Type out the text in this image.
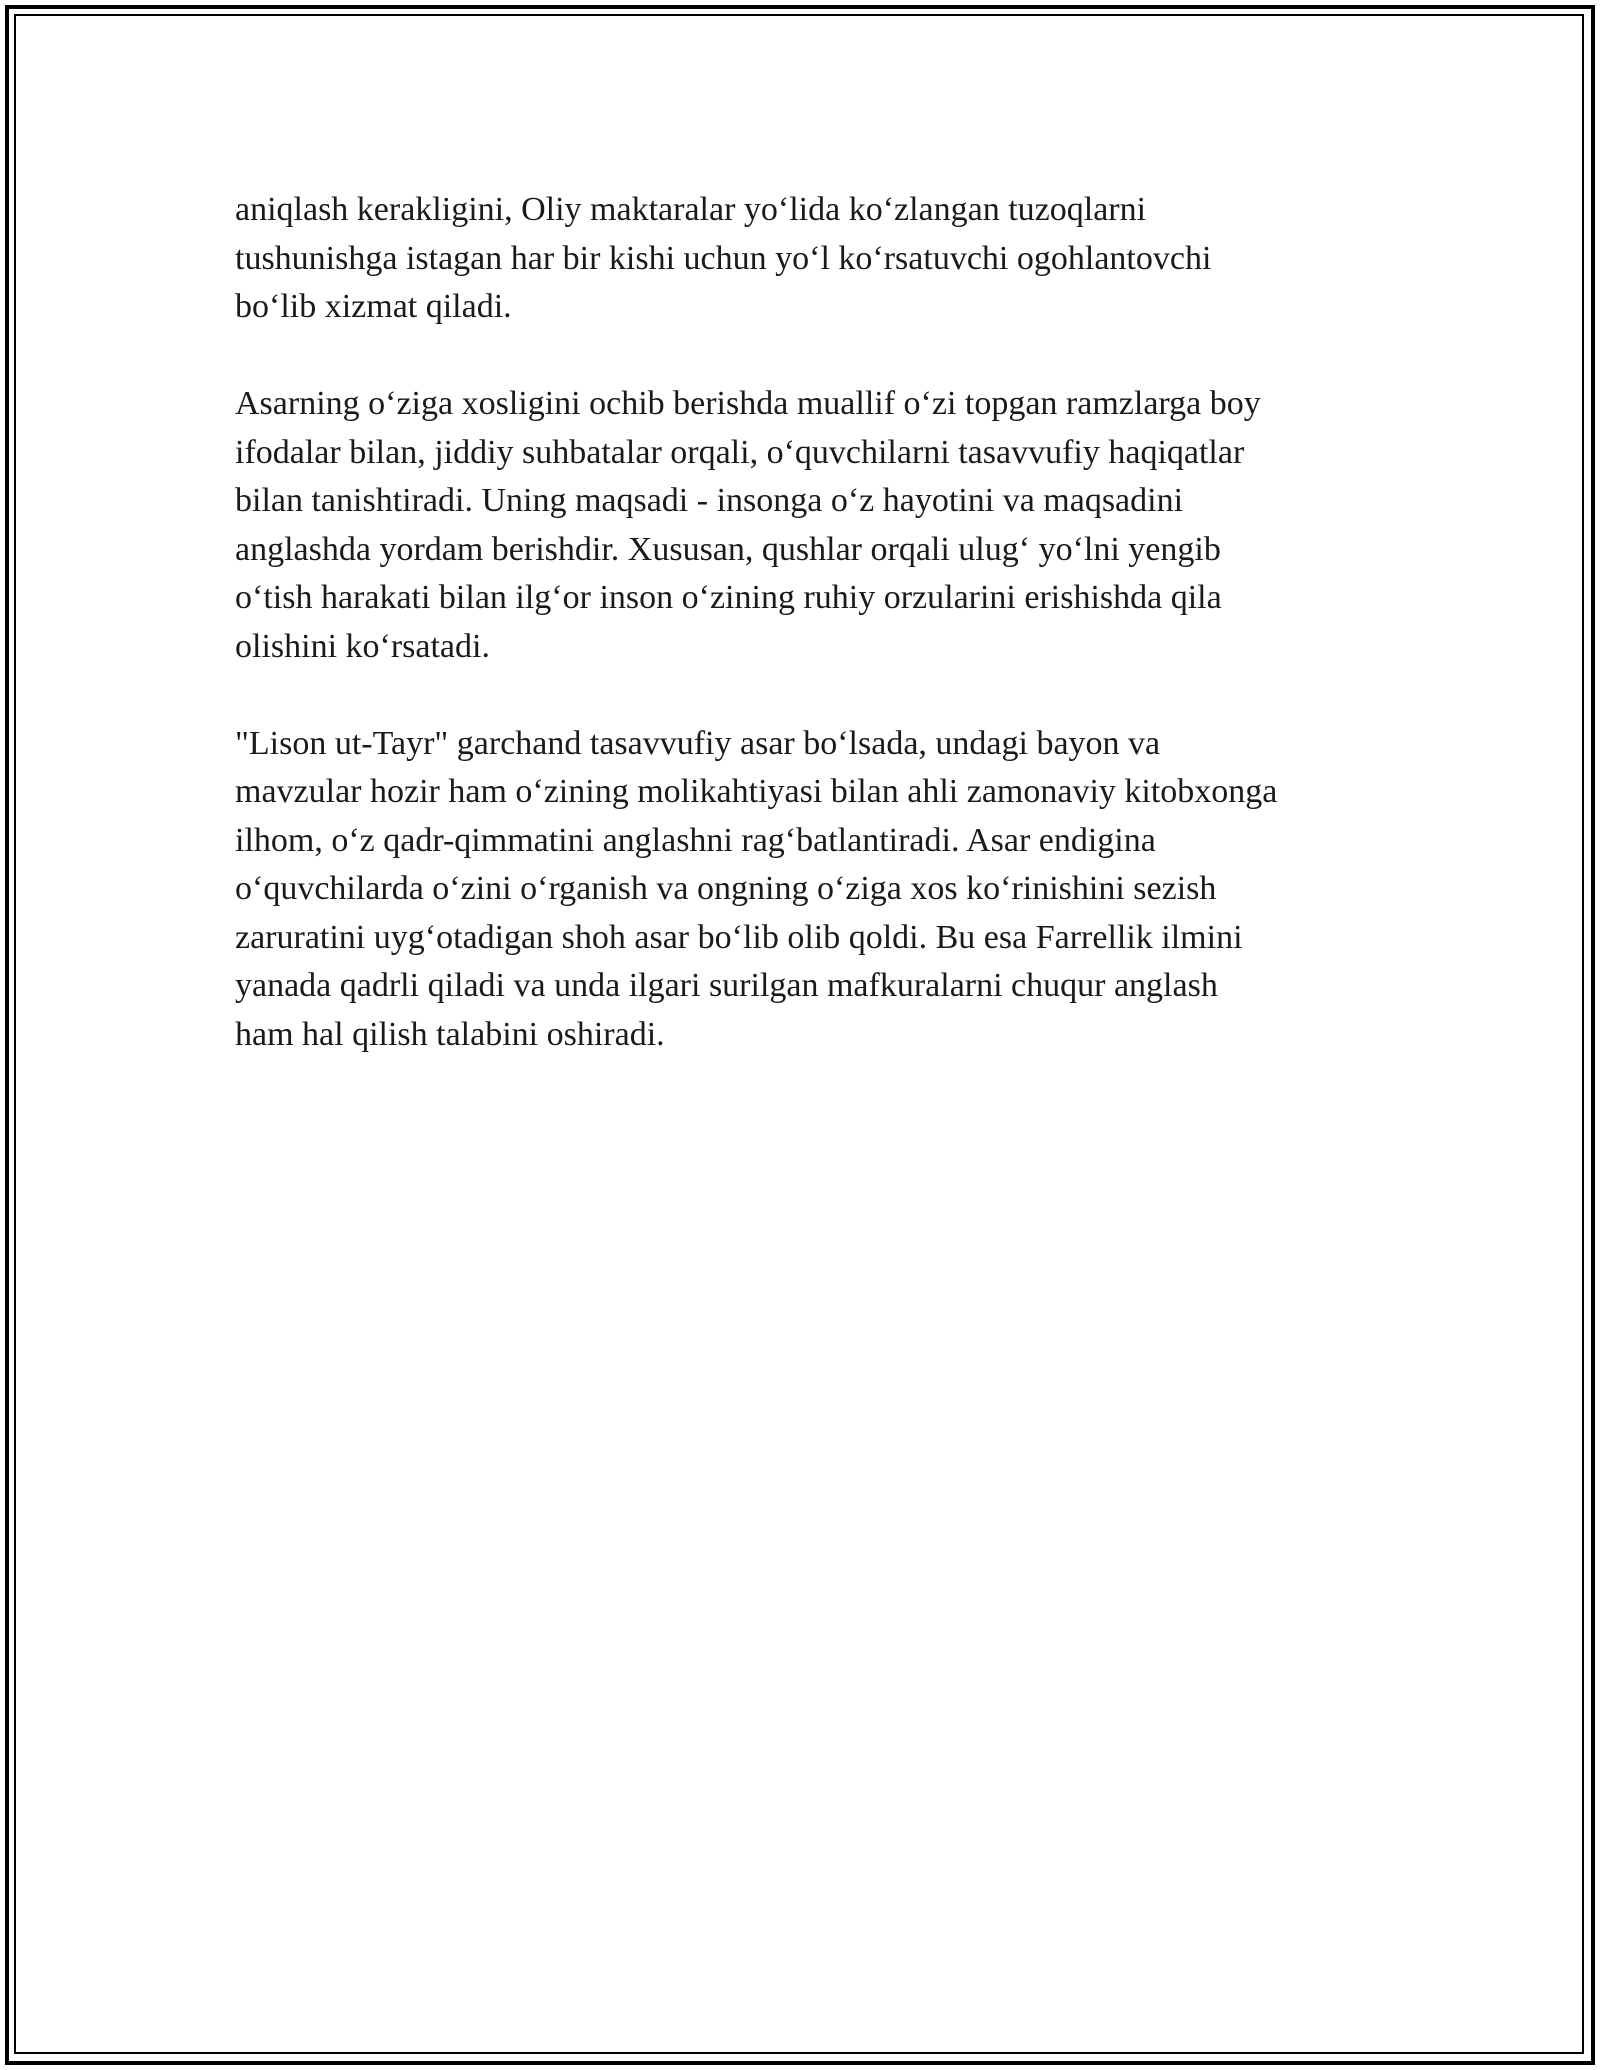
aniqlash kerakligini, Oliy maktaralar yo‘lida ko‘zlangan tuzoqlarni
tushunishga istagan har bir kishi uchun yo‘l ko‘rsatuvchi ogohlantovchi
bo‘lib xizmat qiladi.

Asarning o‘ziga xosligini ochib berishda muallif o‘zi topgan ramzlarga boy
ifodalar bilan, jiddiy suhbatalar orqali, o‘quvchilarni tasavvufiy haqiqatlar
bilan tanishtiradi. Uning maqsadi - insonga o‘z hayotini va maqsadini
anglashda yordam berishdir. Xususan, qushlar orqali ulug‘ yo‘lni yengib
o‘tish harakati bilan ilg‘or inson o‘zining ruhiy orzularini erishishda qila
olishini ko‘rsatadi.

"Lison ut-Tayr" garchand tasavvufiy asar bo‘lsada, undagi bayon va
mavzular hozir ham o‘zining molikahtiyasi bilan ahli zamonaviy kitobxonga
ilhom, o‘z qadr-qimmatini anglashni rag‘batlantiradi. Asar endigina
o‘quvchilarda o‘zini o‘rganish va ongning o‘ziga xos ko‘rinishini sezish
zaruratini uyg‘otadigan shoh asar bo‘lib olib qoldi. Bu esa Farrellik ilmini
yanada qadrli qiladi va unda ilgari surilgan mafkuralarni chuqur anglash
ham hal qilish talabini oshiradi.
